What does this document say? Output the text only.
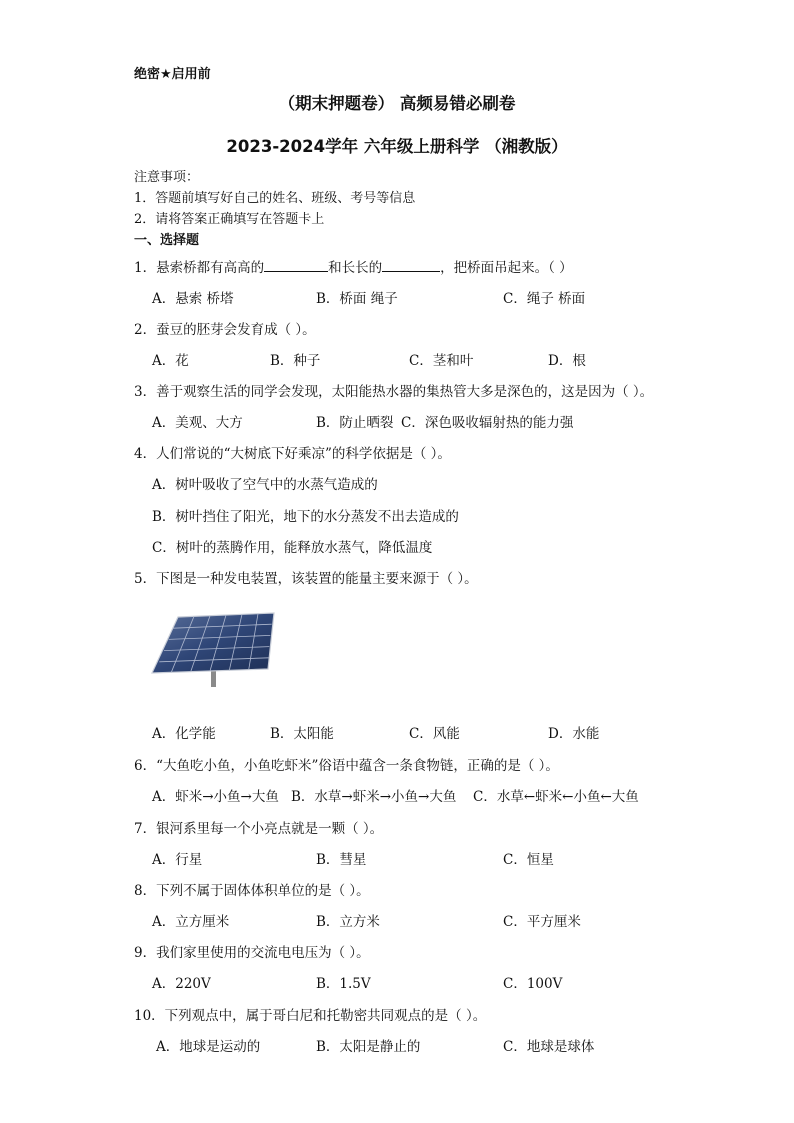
绝密★启用前
（期末押题卷） 高频易错必刷卷
2023-2024学年 六年级上册科学 （湘教版）
注意事项：
1．答题前填写好自己的姓名、班级、考号等信息
2．请将答案正确填写在答题卡上
一、选择题
1．悬索桥都有高高的	和长长的	，把桥面吊起来。（ ）
A．悬索 桥塔	B．桥面 绳子	C．绳子 桥面
2．蚕豆的胚芽会发育成（ ）。
A．花	B．种子	C．茎和叶	D．根
3．善于观察生活的同学会发现，太阳能热水器的集热管大多是深色的，这是因为（ ）。
A．美观、大方	B．防止晒裂 C．深色吸收辐射热的能力强
4．人们常说的“大树底下好乘凉”的科学依据是（ ）。
A．树叶吸收了空气中的水蒸气造成的
B．树叶挡住了阳光，地下的水分蒸发不出去造成的
C．树叶的蒸腾作用，能释放水蒸气，降低温度
5．下图是一种发电装置，该装置的能量主要来源于（ ）。
A．化学能	B．太阳能	C．风能	D．水能
6．“大鱼吃小鱼，小鱼吃虾米”俗语中蕴含一条食物链，正确的是（ ）。
A．虾米→小鱼→大鱼 B．水草→虾米→小鱼→大鱼 C．水草←虾米←小鱼←大鱼
7．银河系里每一个小亮点就是一颗（ ）。
A．行星	B．彗星	C．恒星
8．下列不属于固体体积单位的是（ ）。
A．立方厘米	B．立方米	C．平方厘米
9．我们家里使用的交流电电压为（ ）。
A．220V	B．1.5V	C．100V
10．下列观点中，属于哥白尼和托勒密共同观点的是（ ）。
A．地球是运动的	B．太阳是静止的	C．地球是球体
